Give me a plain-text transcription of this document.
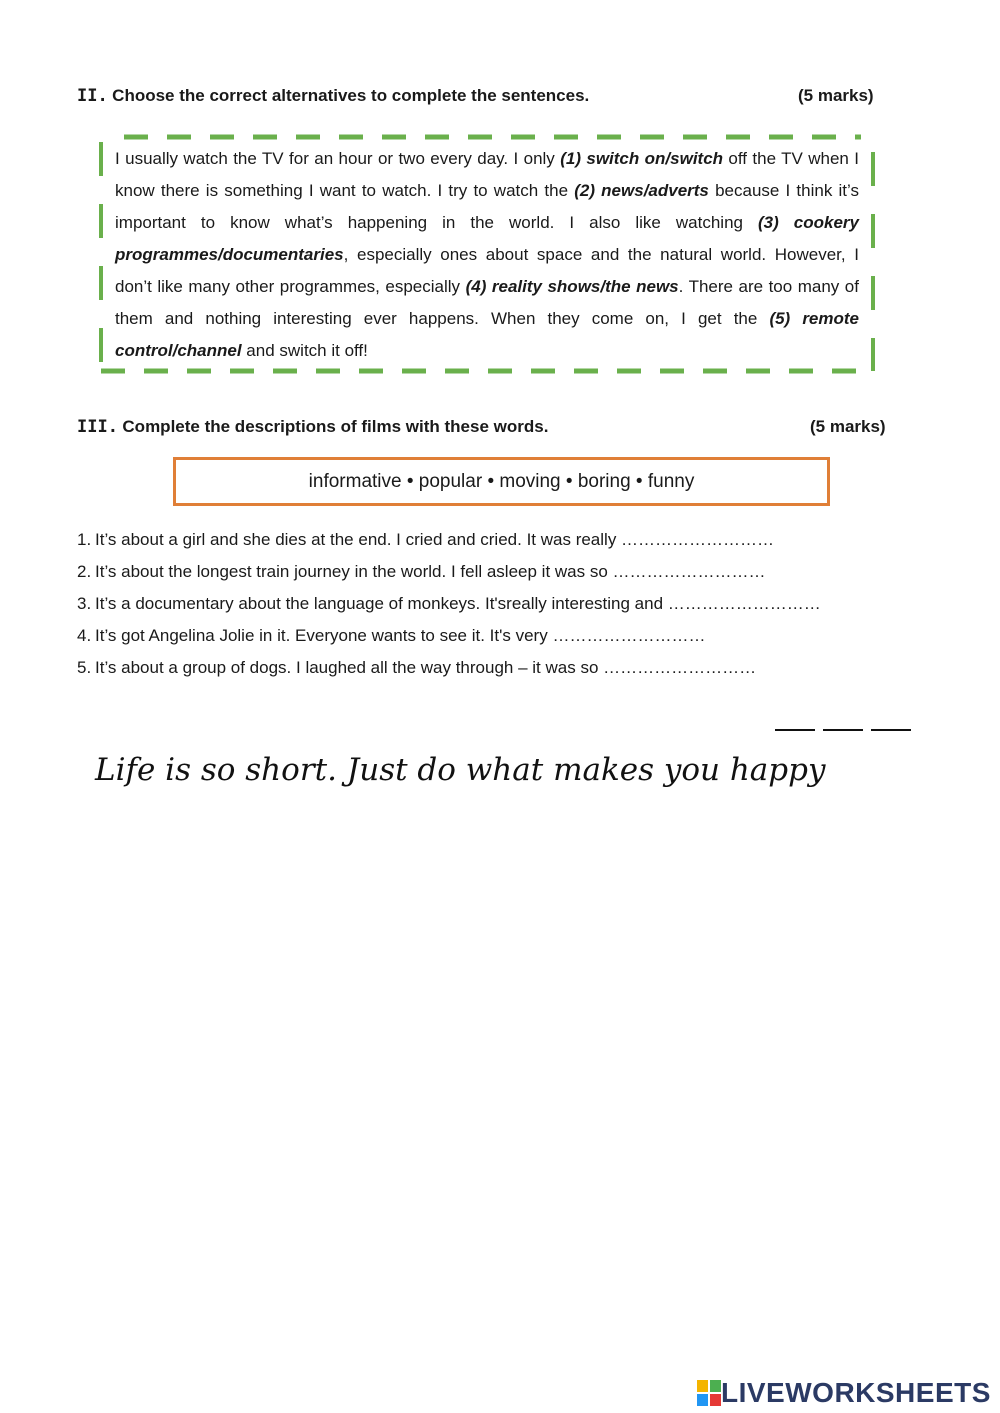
II. Choose the correct alternatives to complete the sentences.	(5 marks)
I usually watch the TV for an hour or two every day. I only (1) switch on/switch off the TV when I know there is something I want to watch. I try to watch the (2) news/adverts because I think it’s important to know what’s happening in the world. I also like watching (3) cookery programmes/documentaries, especially ones about space and the natural world. However, I don’t like many other programmes, especially (4) reality shows/the news. There are too many of them and nothing interesting ever happens. When they come on, I get the (5) remote control/channel and switch it off!
III. Complete the descriptions of films with these words.	(5 marks)
informative • popular • moving • boring • funny
1. It’s about a girl and she dies at the end. I cried and cried. It was really ………………………
2. It’s about the longest train journey in the world. I fell asleep it was so ………………………
3. It’s a documentary about the language of monkeys. It'sreally interesting and ………………………
4. It’s got Angelina Jolie in it. Everyone wants to see it. It's very ………………………
5. It’s about a group of dogs. I laughed all the way through – it was so ………………………
Life is so short. Just do what makes you happy
LIVEWORKSHEETS
